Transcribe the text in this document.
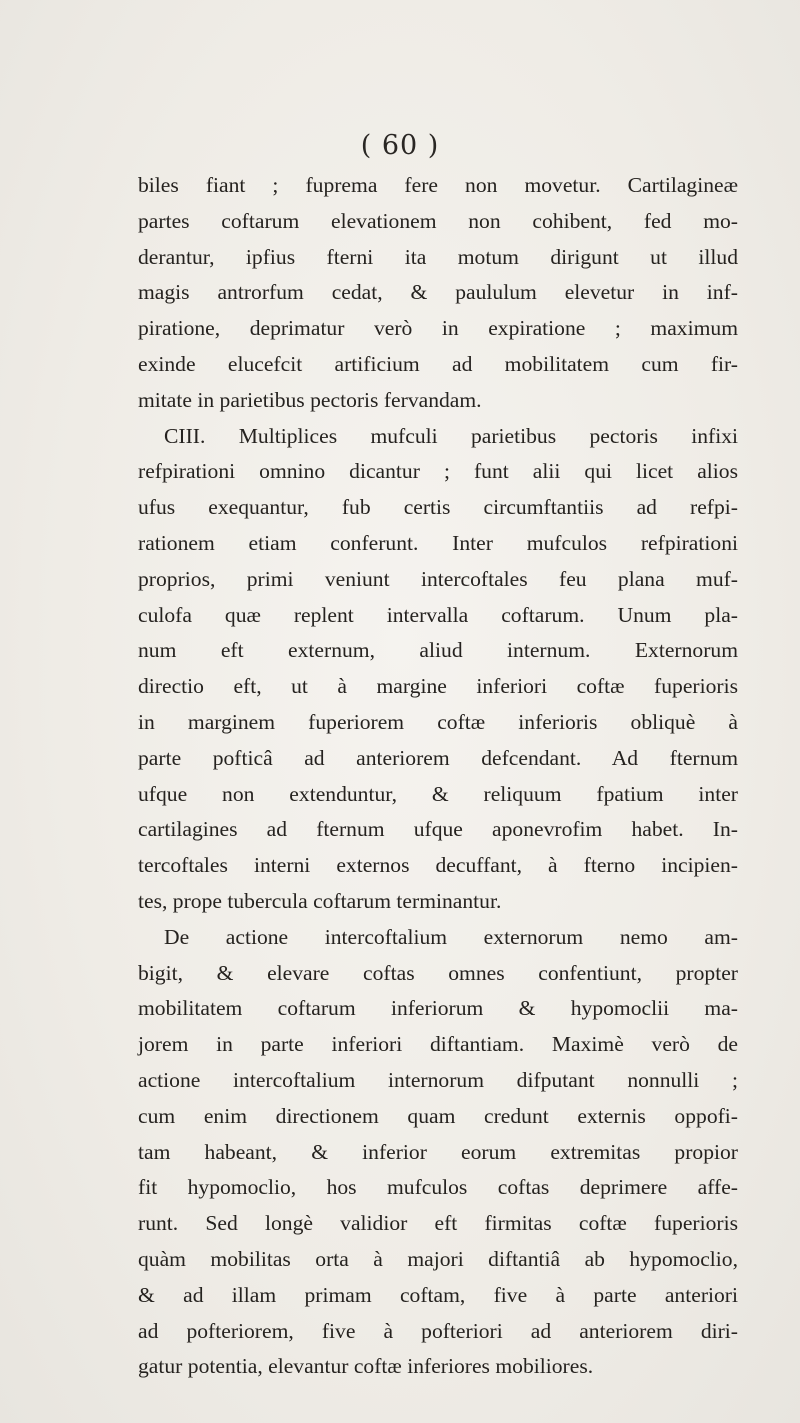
( 60 )
biles fiant ; fuprema fere non movetur. Cartilagineæ
partes coftarum elevationem non cohibent, fed mo-
derantur, ipfius fterni ita motum dirigunt ut illud
magis antrorfum cedat, & paululum elevetur in inf-
piratione, deprimatur verò in expiratione ; maximum
exinde elucefcit artificium ad mobilitatem cum fir-
mitate in parietibus pectoris fervandam.
CIII. Multiplices mufculi parietibus pectoris infixi
refpirationi omnino dicantur ; funt alii qui licet alios
ufus exequantur, fub certis circumftantiis ad refpi-
rationem etiam conferunt. Inter mufculos refpirationi
proprios, primi veniunt intercoftales feu plana muf-
culofa quæ replent intervalla coftarum. Unum pla-
num eft externum, aliud internum. Externorum
directio eft, ut à margine inferiori coftæ fuperioris
in marginem fuperiorem coftæ inferioris obliquè à
parte pofticâ ad anteriorem defcendant. Ad fternum
ufque non extenduntur, & reliquum fpatium inter
cartilagines ad fternum ufque aponevrofim habet. In-
tercoftales interni externos decuffant, à fterno incipien-
tes, prope tubercula coftarum terminantur.
De actione intercoftalium externorum nemo am-
bigit, & elevare coftas omnes confentiunt, propter
mobilitatem coftarum inferiorum & hypomoclii ma-
jorem in parte inferiori diftantiam. Maximè verò de
actione intercoftalium internorum difputant nonnulli ;
cum enim directionem quam credunt externis oppofi-
tam habeant, & inferior eorum extremitas propior
fit hypomoclio, hos mufculos coftas deprimere affe-
runt. Sed longè validior eft firmitas coftæ fuperioris
quàm mobilitas orta à majori diftantiâ ab hypomoclio,
& ad illam primam coftam, five à parte anteriori
ad pofteriorem, five à pofteriori ad anteriorem diri-
gatur potentia, elevantur coftæ inferiores mobiliores.
